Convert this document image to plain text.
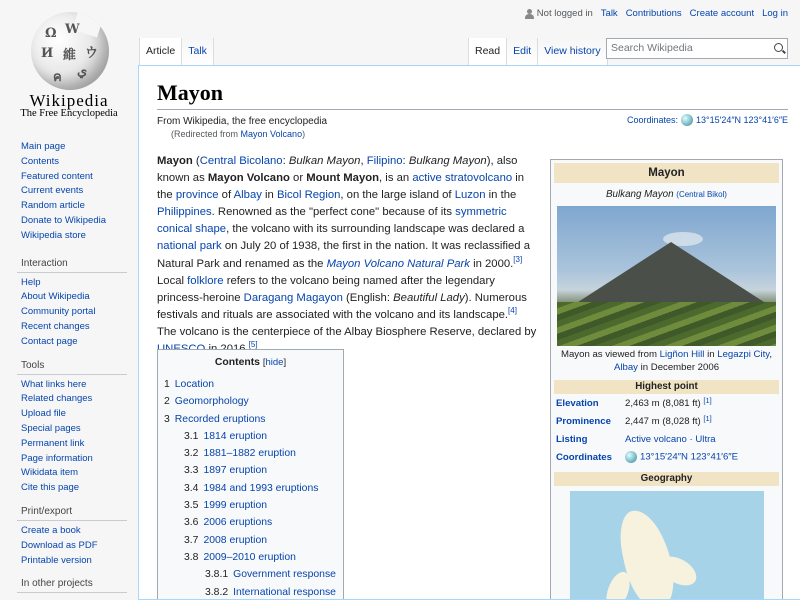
Ω W
И 維 ウ
ค ي
Wikipedia
The Free Encyclopedia
Not logged in Talk Contributions Create account Log in
Article	Talk	Read	Edit	View history Search Wikipedia
Main page
Contents
Featured content
Current events
Random article
Donate to Wikipedia
Wikipedia store
Interaction
Help
About Wikipedia
Community portal
Recent changes
Contact page
Tools
What links here
Related changes
Upload file
Special pages
Permanent link
Page information
Wikidata item
Cite this page
Print/export
Create a book
Download as PDF
Printable version
In other projects
Mayon
From Wikipedia, the free encyclopedia
(Redirected from Mayon Volcano)
Coordinates: 13°15′24″N 123°41′6″E

Mayon (Central Bicolano: Bulkan Mayon, Filipino: Bulkang Mayon), also known as Mayon Volcano or Mount Mayon, is an active stratovolcano in the province of Albay in Bicol Region, on the large island of Luzon in the Philippines. Renowned as the "perfect cone" because of its symmetric conical shape, the volcano with its surrounding landscape was declared a national park on July 20 of 1938, the first in the nation. It was reclassified a Natural Park and renamed as the Mayon Volcano Natural Park in 2000.[3] Local folklore refers to the volcano being named after the legendary princess-heroine Daragang Magayon (English: Beautiful Lady). Numerous festivals and rituals are associated with the volcano and its landscape.[4] The volcano is the centerpiece of the Albay Biosphere Reserve, declared by [5]

Contents [hide]
1 Location
2 Geomorphology
3 Recorded eruptions
3.1 1814 eruption
3.2 1881–1882 eruption
3.3 1897 eruption
3.4 1984 and 1993 eruptions
3.5 1999 eruption
3.6 2006 eruptions
3.7 2008 eruption
3.8 2009–2010 eruption
3.8.1 Government response
3.8.2 International response
Mayon
Bulkang Mayon (Central Bikol)
Mayon as viewed from Ligñon Hill in Legazpi City, Albay in December 2006
Highest point
Elevation	2,463 m (8,081 ft) [1]
Prominence	2,447 m (8,028 ft) [1]
Listing	Active volcano · Ultra
Coordinates	13°15′24″N 123°41′6″E
Geography
